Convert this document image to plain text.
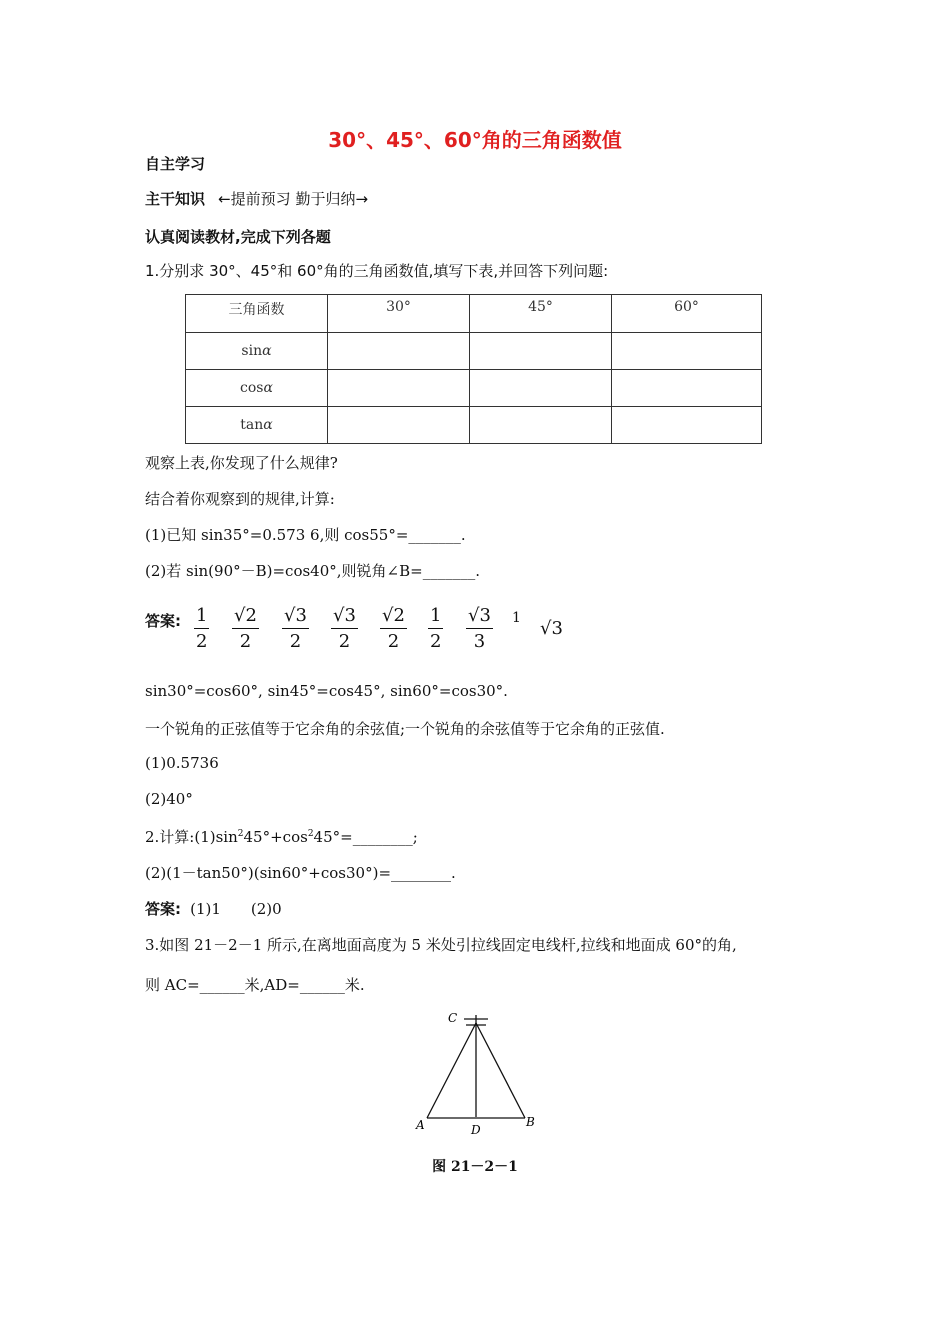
30°、45°、60°角的三角函数值
自主学习
主干知识 ←提前预习 勤于归纳→
认真阅读教材,完成下列各题
1.分别求 30°、45°和 60°角的三角函数值,填写下表,并回答下列问题:
三角函数	30°	45°	60°
sinα			
cosα			
tanα			
观察上表,你发现了什么规律?
结合着你观察到的规律,计算:
(1)已知 sin35°=0.573 6,则 cos55°=_______.
(2)若 sin(90°－B)=cos40°,则锐角∠B=_______.
答案: $\frac{1}{2} \frac{√2}{2} \frac{√3}{2} \frac{√3}{2} \frac{√2}{2} \frac{1}{2} \frac{√3}{3} 1$ √3
sin30°=cos60°, sin45°=cos45°, sin60°=cos30°.
一个锐角的正弦值等于它余角的余弦值;一个锐角的余弦值等于它余角的正弦值.
(1)0.5736
(2)40°
2.计算$:(1)\sin^245^\circ+\cos^245^\circ=\_\_\_\_\_\_\_\_$;
(2)(1－tan50°)(sin60°+cos30°)=________.
答案: (1)1　　(2)0
3.如图 21－2－1 所示,在离地面高度为 5 米处引拉线固定电线杆,拉线和地面成 60°的角,
则 AC=______米,AD=______米.
C
A	D
B
图 21－2－1
